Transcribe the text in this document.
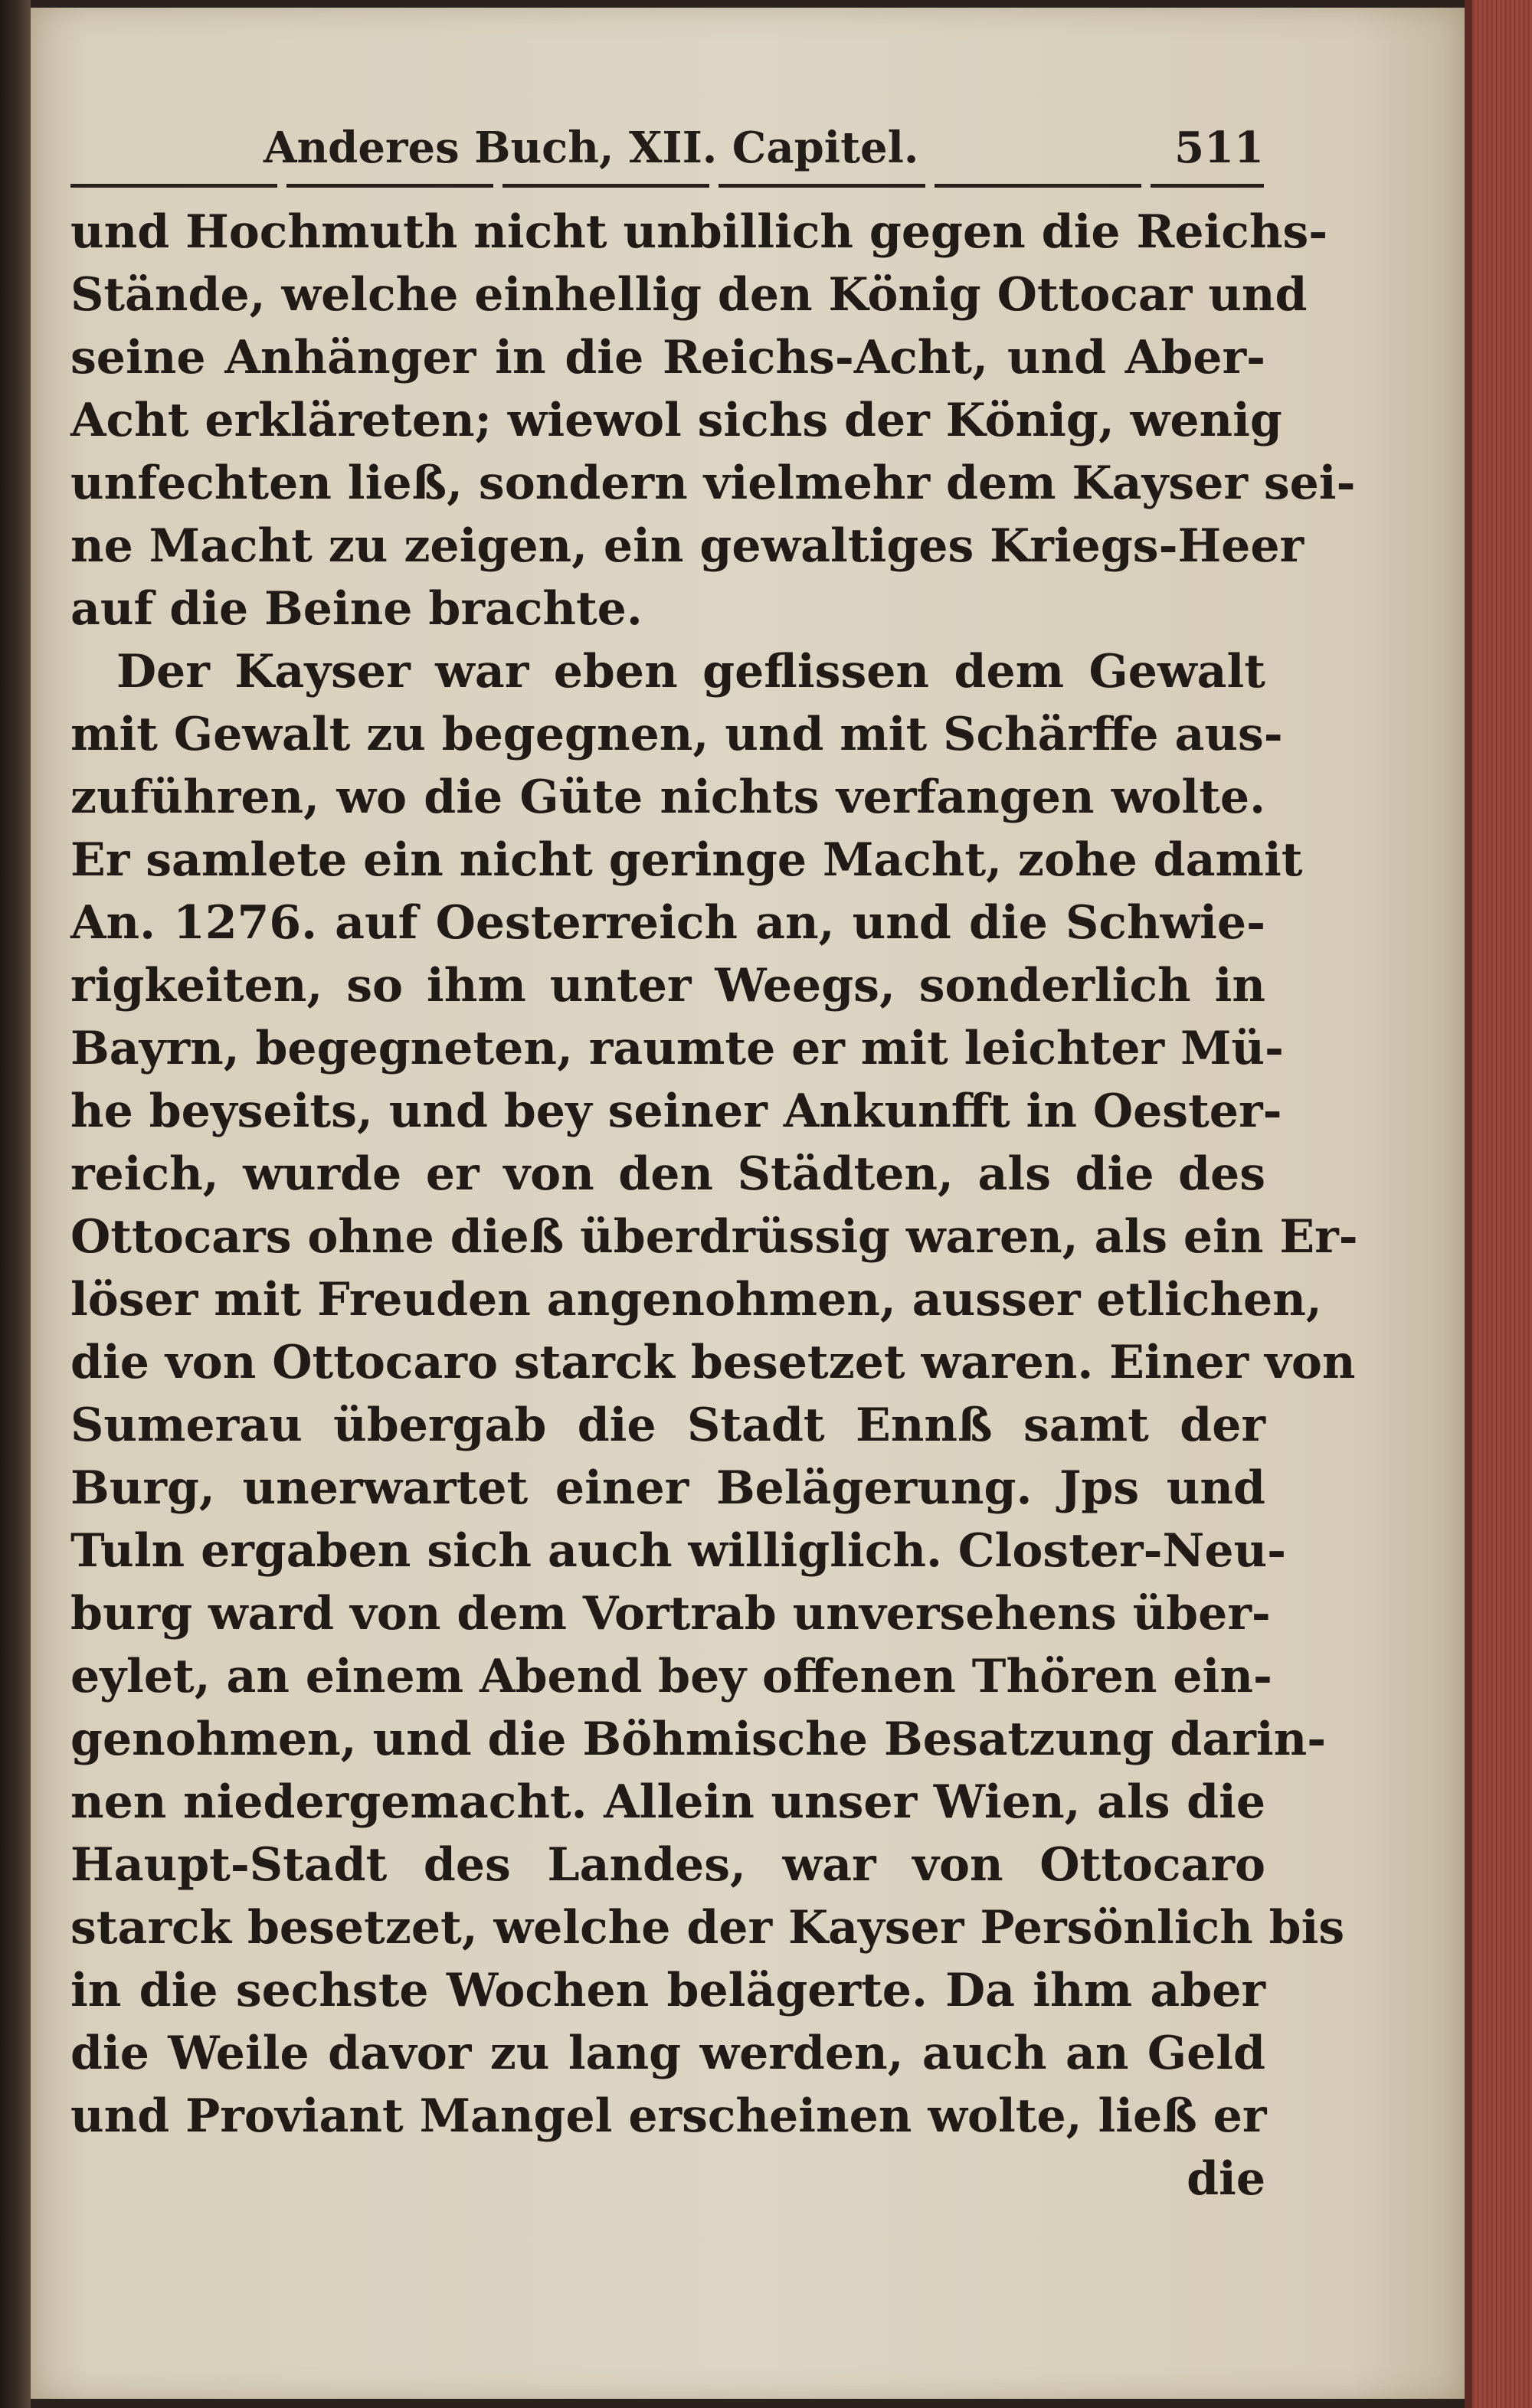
Anderes Buch, XII. Capitel.	511
und Hochmuth nicht unbillich gegen die Reichs-
Stände, welche einhellig den König Ottocar und
seine Anhänger in die Reichs-Acht, und Aber-
Acht erkläreten; wiewol sichs der König, wenig
unfechten ließ, sondern vielmehr dem Kayser sei-
ne Macht zu zeigen, ein gewaltiges Kriegs-Heer
auf die Beine brachte.
Der Kayser war eben geflissen dem Gewalt
mit Gewalt zu begegnen, und mit Schärffe aus-
zuführen, wo die Güte nichts verfangen wolte.
Er samlete ein nicht geringe Macht, zohe damit
An. 1276. auf Oesterreich an, und die Schwie-
rigkeiten, so ihm unter Weegs, sonderlich in
Bayrn, begegneten, raumte er mit leichter Mü-
he beyseits, und bey seiner Ankunfft in Oester-
reich, wurde er von den Städten, als die des
Ottocars ohne dieß überdrüssig waren, als ein Er-
löser mit Freuden angenohmen, ausser etlichen,
die von Ottocaro starck besetzet waren. Einer von
Sumerau übergab die Stadt Ennß samt der
Burg, unerwartet einer Belägerung. Jps und
Tuln ergaben sich auch williglich. Closter-Neu-
burg ward von dem Vortrab unversehens über-
eylet, an einem Abend bey offenen Thören ein-
genohmen, und die Böhmische Besatzung darin-
nen niedergemacht. Allein unser Wien, als die
Haupt-Stadt des Landes, war von Ottocaro
starck besetzet, welche der Kayser Persönlich bis
in die sechste Wochen belägerte. Da ihm aber
die Weile davor zu lang werden, auch an Geld
und Proviant Mangel erscheinen wolte, ließ er
die
